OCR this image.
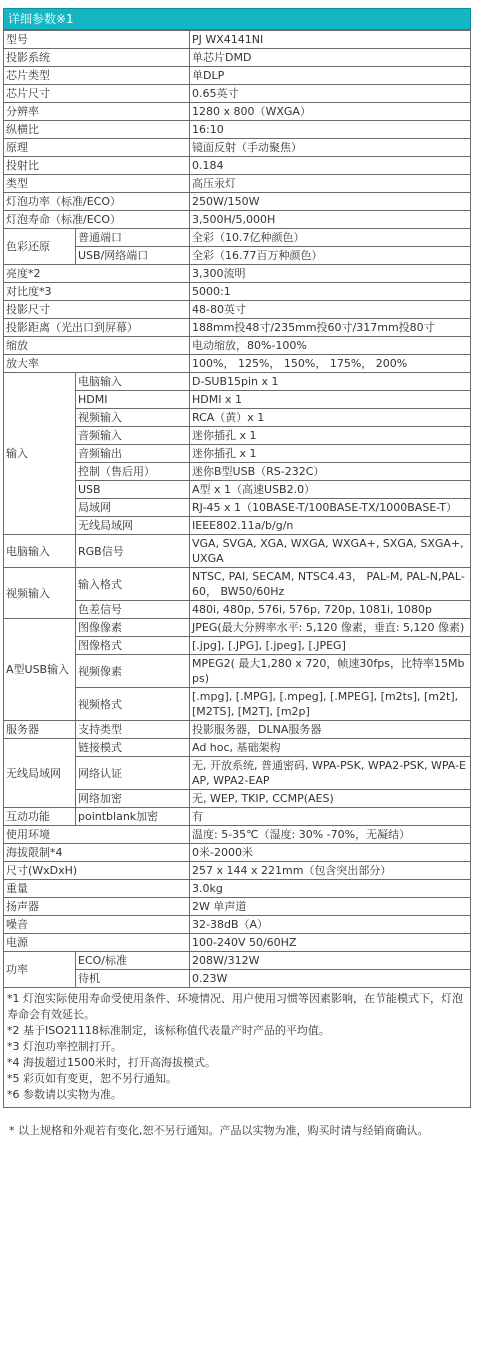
详细参数※1
型号		PJ WX4141NI
投影系统		单芯片DMD
芯片类型		单DLP
芯片尺寸		0.65英寸
分辨率		1280 x 800（WXGA）
纵横比		16:10
原理		镜面反射（手动聚焦）
投射比		0.184
类型		高压汞灯
灯泡功率（标准/ECO）		250W/150W
灯泡寿命（标准/ECO）		3,500H/5,000H
色彩还原	普通端口	全彩（10.7亿种颜色）
	USB/网络端口	全彩（16.77百万种颜色）
亮度*2		3,300流明
对比度*3		5000:1
投影尺寸		48-80英寸
投影距离（光出口到屏幕）		188mm投48寸/235mm投60寸/317mm投80寸
缩放		电动缩放，80%-100%
放大率		100%， 125%， 150%， 175%， 200%
输入	电脑输入	D-SUB15pin x 1
	HDMI	HDMI x 1
	视频输入	RCA（黄）x 1
	音频输入	迷你插孔 x 1
	音频输出	迷你插孔 x 1
	控制（售后用）	迷你B型USB（RS-232C）
	USB	A型 x 1（高速USB2.0）
	局域网	RJ-45 x 1（10BASE-T/100BASE-TX/1000BASE-T）
	无线局域网	IEEE802.11a/b/g/n
电脑输入	RGB信号	VGA, SVGA, XGA, WXGA, WXGA+, SXGA, SXGA+, UXGA
视频输入	输入格式	NTSC, PAI, SECAM, NTSC4.43， PAL-M, PAL-N,PAL-60， BW50/60Hz
	色差信号	480i, 480p, 576i, 576p, 720p, 1081i, 1080p
A型USB输入	图像像素	JPEG(最大分辨率水平: 5,120 像素，垂直: 5,120 像素)
	图像格式	[.jpg], [.JPG], [.jpeg], [.JPEG]
	视频像素	MPEG2( 最大1,280 x 720，帧速30fps，比特率15Mbps)
	视频格式	[.mpg], [.MPG], [.mpeg], [.MPEG], [m2ts], [m2t], [M2TS], [M2T], [m2p]
服务器	支持类型	投影服务器，DLNA服务器
无线局域网	链接模式	Ad hoc, 基础架构
	网络认证	无, 开放系统, 普通密码, WPA-PSK, WPA2-PSK, WPA-EAP, WPA2-EAP
	网络加密	无, WEP, TKIP, CCMP(AES)
互动功能	pointblank加密	有
使用环境		温度: 5-35℃（湿度: 30% -70%，无凝结）
海拔限制*4		0米-2000米
尺寸(WxDxH)		257 x 144 x 221mm（包含突出部分）
重量		3.0kg
扬声器		2W 单声道
噪音		32-38dB（A）
电源		100-240V 50/60HZ
功率	ECO/标准	208W/312W
	待机	0.23W
*1 灯泡实际使用寿命受使用条件、环境情况、用户使用习惯等因素影响，在节能模式下，灯泡寿命会有效延长。
*2 基于ISO21118标准制定，该标称值代表量产时产品的平均值。
*3 灯泡功率控制打开。
*4 海拔超过1500米时，打开高海拔模式。
*5 彩页如有变更，恕不另行通知。
*6 参数请以实物为准。
* 以上规格和外观若有变化,恕不另行通知。产品以实物为准，购买时请与经销商确认。
